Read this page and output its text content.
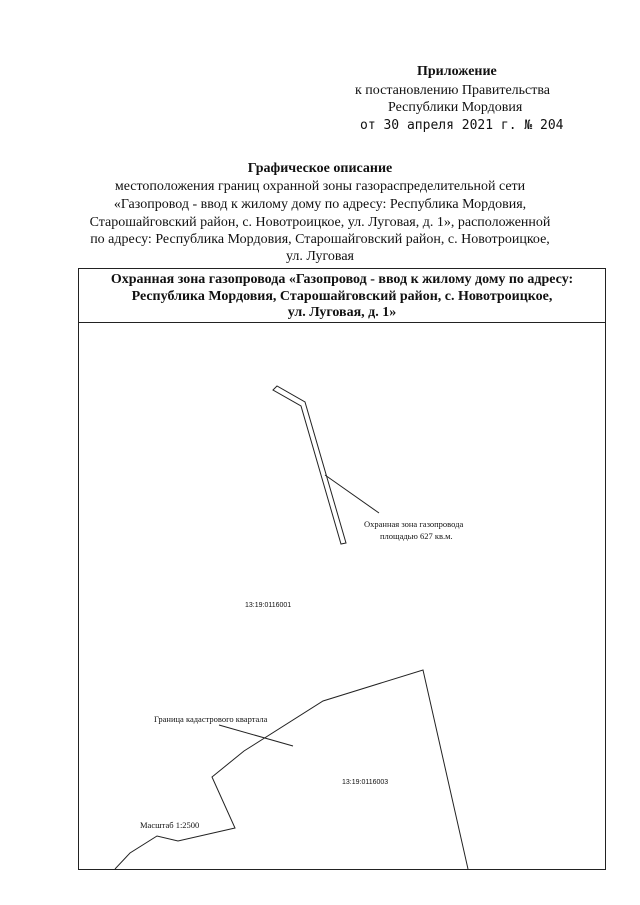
Приложение
к постановлению Правительства
Республики Мордовия
от 30 апреля 2021 г. № 204
Графическое описание
местоположения границ охранной зоны газораспределительной сети
«Газопровод - ввод к жилому дому по адресу: Республика Мордовия,
Старошайговский район, с. Новотроицкое, ул. Луговая, д. 1», расположенной
по адресу: Республика Мордовия, Старошайговский район, с. Новотроицкое,
ул. Луговая
Охранная зона газопровода «Газопровод - ввод к жилому дому по адресу:
Республика Мордовия, Старошайговский район, с. Новотроицкое,
ул. Луговая, д. 1»
Охранная зона газопровода
площадью 627 кв.м.
13:19:0116001
Граница кадастрового квартала
13:19:0116003
Масштаб 1:2500
